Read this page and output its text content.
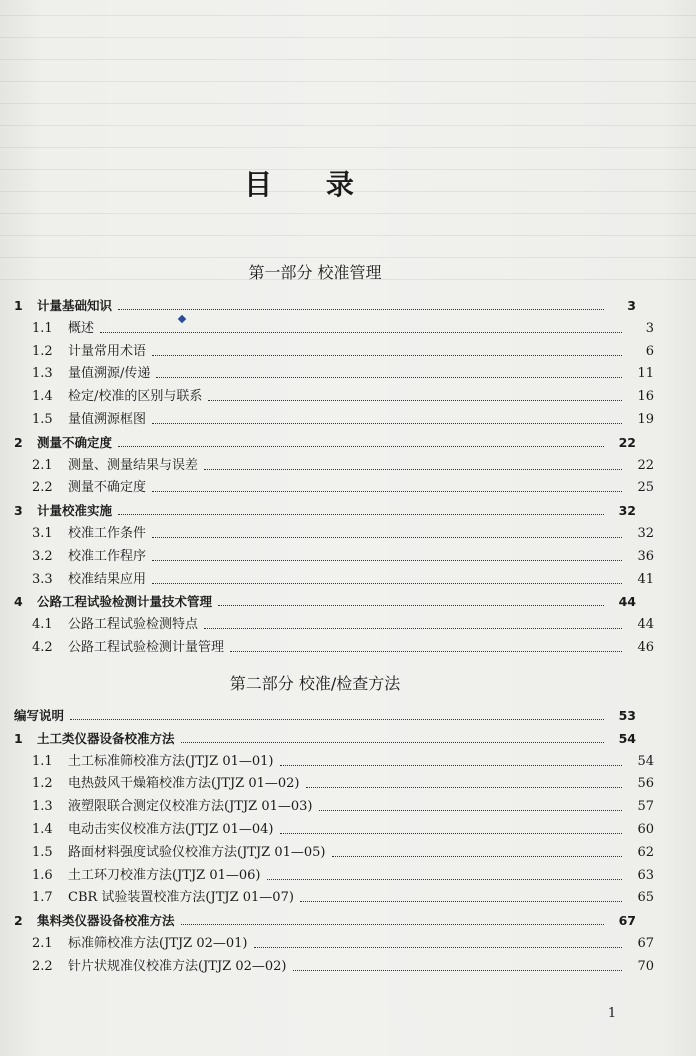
目 录
第一部分 校准管理
1	计量基础知识	3
1.1	概述	3
1.2	计量常用术语	6
1.3	量值溯源/传递	11
1.4	检定/校准的区别与联系	16
1.5	量值溯源框图	19
2	测量不确定度	22
2.1	测量、测量结果与误差	22
2.2	测量不确定度	25
3	计量校准实施	32
3.1	校准工作条件	32
3.2	校准工作程序	36
3.3	校准结果应用	41
4	公路工程试验检测计量技术管理	44
4.1	公路工程试验检测特点	44
4.2	公路工程试验检测计量管理	46
第二部分 校准/检查方法
编写说明	53
1	土工类仪器设备校准方法	54
1.1	土工标准筛校准方法(JTJZ 01—01)	54
1.2	电热鼓风干燥箱校准方法(JTJZ 01—02)	56
1.3	液塑限联合测定仪校准方法(JTJZ 01—03)	57
1.4	电动击实仪校准方法(JTJZ 01—04)	60
1.5	路面材料强度试验仪校准方法(JTJZ 01—05)	62
1.6	土工环刀校准方法(JTJZ 01—06)	63
1.7	CBR 试验装置校准方法(JTJZ 01—07)	65
2	集料类仪器设备校准方法	67
2.1	标准筛校准方法(JTJZ 02—01)	67
2.2	针片状规准仪校准方法(JTJZ 02—02)	70
1
